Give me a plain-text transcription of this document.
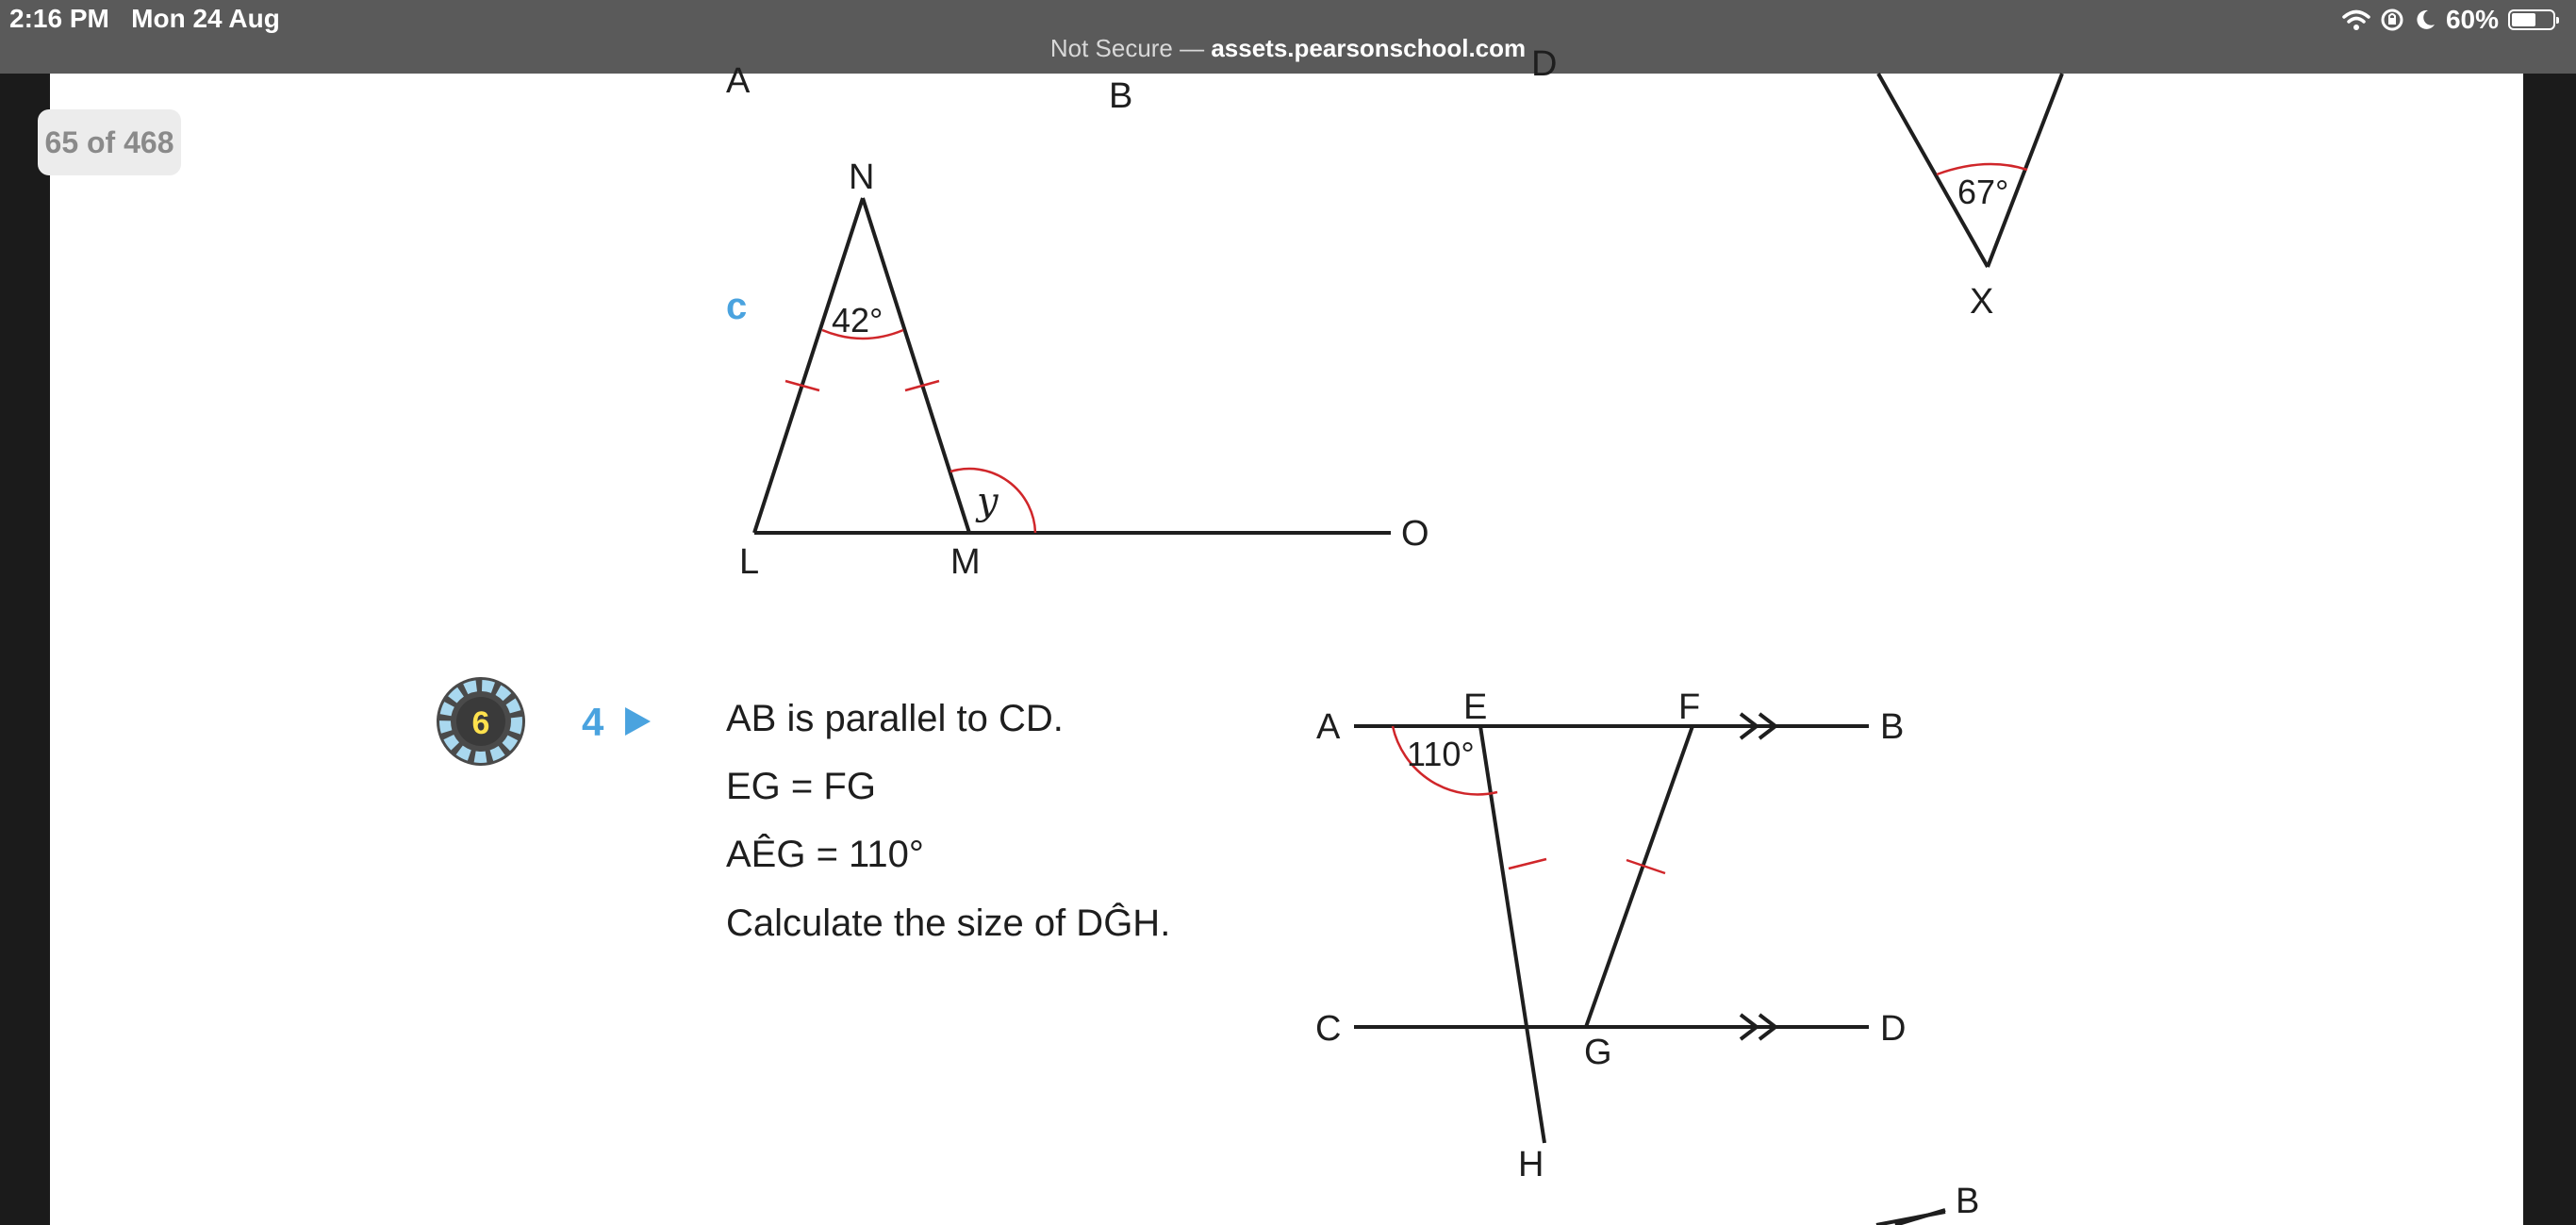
2:16 PM Mon 24 Aug	60%
Not Secure — assets.pearsonschool.com
65 of 468
A	B
D
c 42°
y
N
L	M
O
67°
X
6 4
110°
A	E	F	B
C
G
D
H
B
AB is parallel to CD.
EG = FG
AÊG = 110°
Calculate the size of DĜH.
